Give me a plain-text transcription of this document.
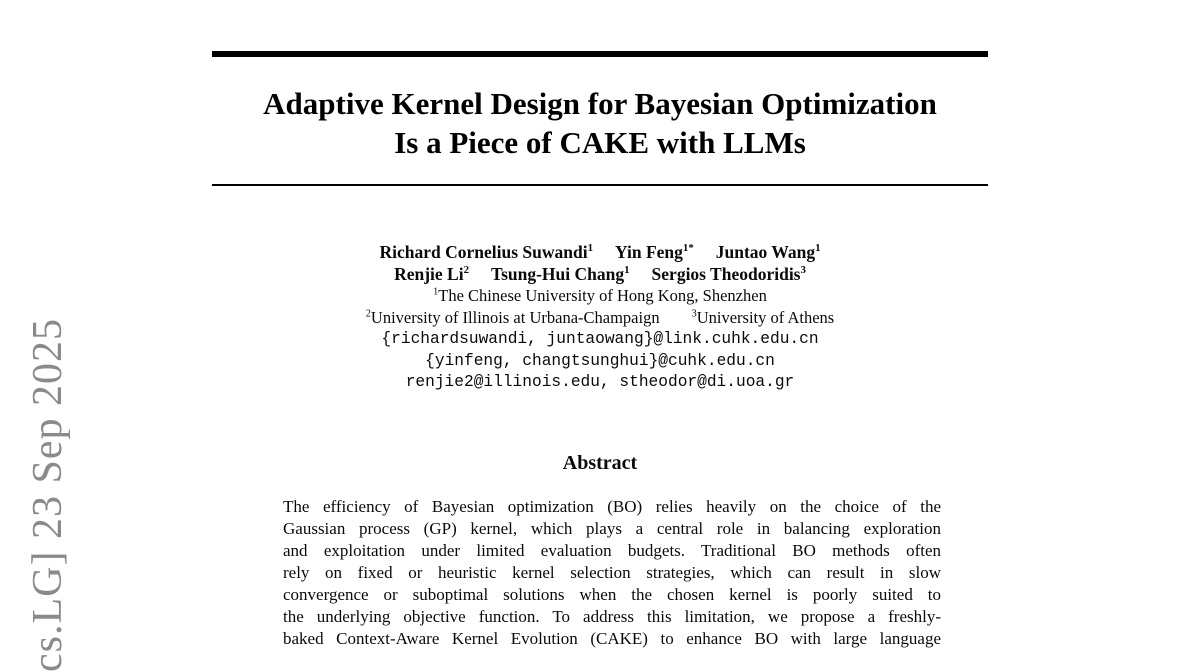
cs.LG] 23 Sep 2025
Adaptive Kernel Design for Bayesian Optimization
Is a Piece of CAKE with LLMs
Richard Cornelius Suwandi$^1$ Yin Feng$^{1*}$ Juntao Wang$^1$
Renjie Li$^2$ Tsung-Hui Chang$^1$ Sergios Theodoridis$^3$
$^1$The Chinese University of Hong Kong, Shenzhen
$^2$University of Illinois at Urbana-Champaign	$^3$University of Athens
{richardsuwandi, juntaowang}@link.cuhk.edu.cn
{yinfeng, changtsunghui}@cuhk.edu.cn
renjie2@illinois.edu, stheodor@di.uoa.gr
Abstract
The efficiency of Bayesian optimization (BO) relies heavily on the choice of the
Gaussian process (GP) kernel, which plays a central role in balancing exploration
and exploitation under limited evaluation budgets. Traditional BO methods often
rely on fixed or heuristic kernel selection strategies, which can result in slow
convergence or suboptimal solutions when the chosen kernel is poorly suited to
the underlying objective function. To address this limitation, we propose a freshly-
baked Context-Aware Kernel Evolution (CAKE) to enhance BO with large language
